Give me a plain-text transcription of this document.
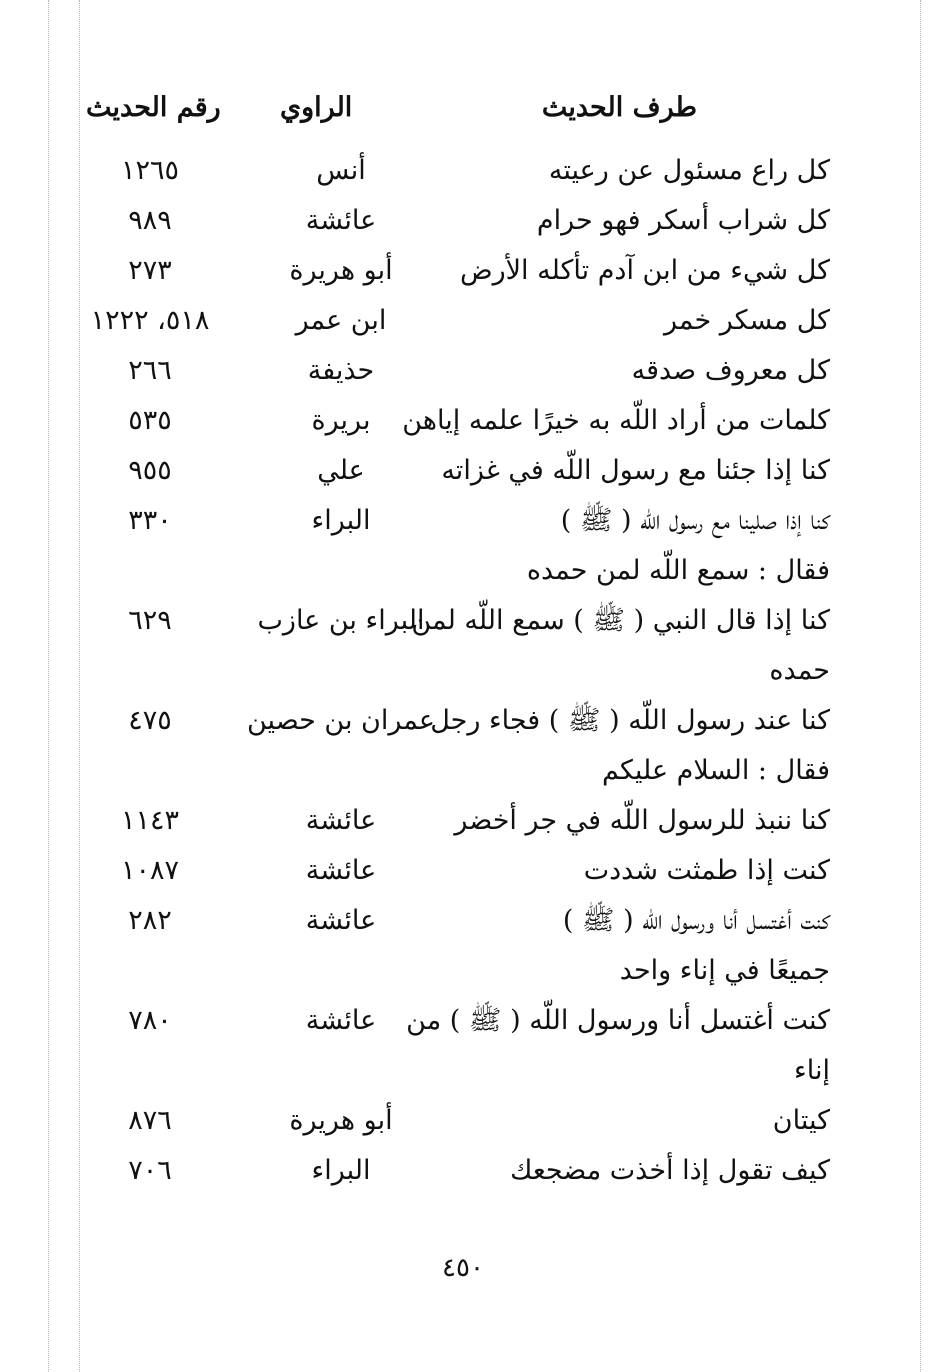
طرف الحديث
الراوي
رقم الحديث
كل راع مسئول عن رعيته
أنس
١٢٦٥
كل شراب أسكر فهو حرام
عائشة
٩٨٩
كل شيء من ابن آدم تأكله الأرض
أبو هريرة
٢٧٣
كل مسكر خمر
ابن عمر
٥١٨، ١٢٢٢
كل معروف صدقه
حذيفة
٢٦٦
كلمات من أراد اللّه به خيرًا علمه إياهن
بريرة
٥٣٥
كنا إذا جئنا مع رسول اللّه في غزاته
علي
٩٥٥
كنا إذا صلينا مع رسول اللّه ( ﷺ )
البراء
٣٣٠
فقال : سمع اللّه لمن حمده
كنا إذا قال النبي ( ﷺ ) سمع اللّه لمن
البراء بن عازب
٦٢٩
حمده
كنا عند رسول اللّه ( ﷺ ) فجاء رجل
عمران بن حصين
٤٧٥
فقال : السلام عليكم
كنا ننبذ للرسول اللّه في جر أخضر
عائشة
١١٤٣
كنت إذا طمثت شددت
عائشة
١٠٨٧
كنت أغتسل أنا ورسول اللّه ( ﷺ )
عائشة
٢٨٢
جميعًا في إناء واحد
كنت أغتسل أنا ورسول اللّه ( ﷺ ) من
عائشة
٧٨٠
إناء
كيتان
أبو هريرة
٨٧٦
كيف تقول إذا أخذت مضجعك
البراء
٧٠٦
٤٥٠
